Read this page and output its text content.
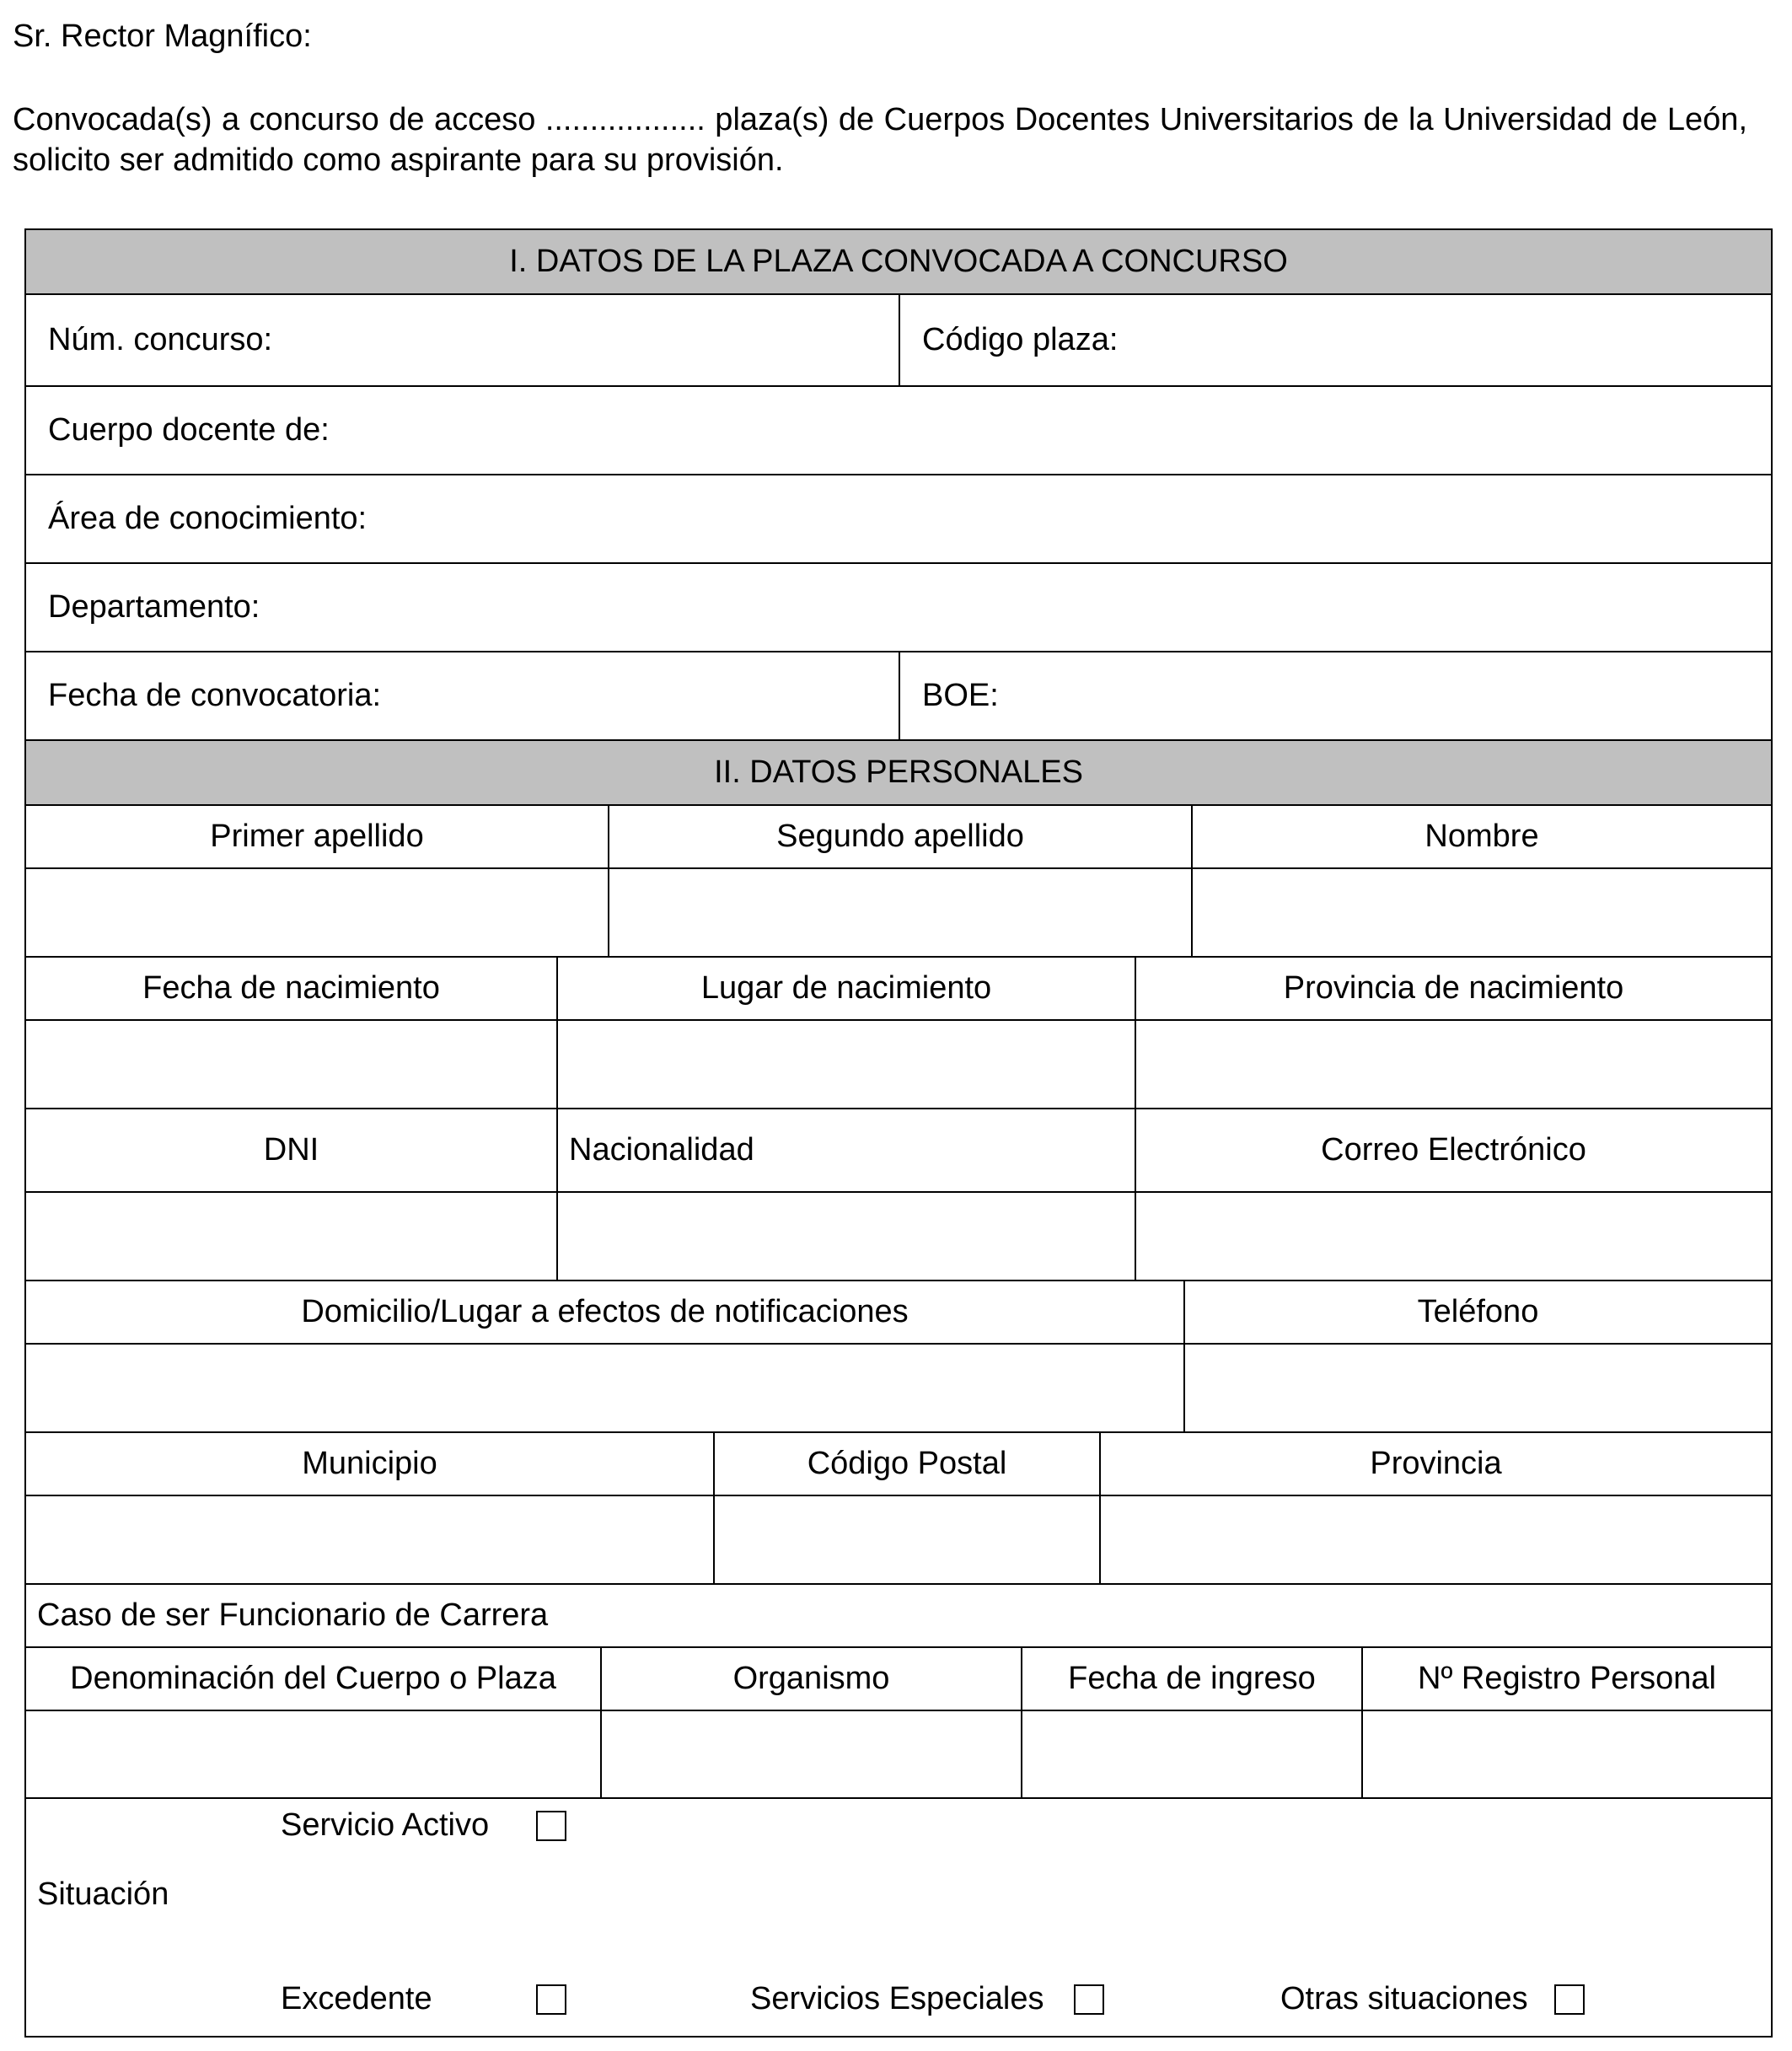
Sr. Rector Magnífico:
Convocada(s) a concurso de acceso .................. plaza(s) de Cuerpos Docentes Universitarios de la Universidad de León, solicito ser admitido como aspirante para su provisión.
I. DATOS DE LA PLAZA CONVOCADA A CONCURSO
Núm. concurso:	Código plaza:
Cuerpo docente de:
Área de conocimiento:
Departamento:
Fecha de convocatoria:	BOE:
II. DATOS PERSONALES
Primer apellido	Segundo apellido	Nombre
Fecha de nacimiento	Lugar de nacimiento	Provincia de nacimiento
DNI	Nacionalidad	Correo Electrónico
Domicilio/Lugar a efectos de notificaciones	Teléfono
Municipio	Código Postal	Provincia
Caso de ser Funcionario de Carrera
Denominación del Cuerpo o Plaza	Organismo	Fecha de ingreso	Nº Registro Personal
Servicio Activo
Situación
Excedente	Servicios Especiales	Otras situaciones
